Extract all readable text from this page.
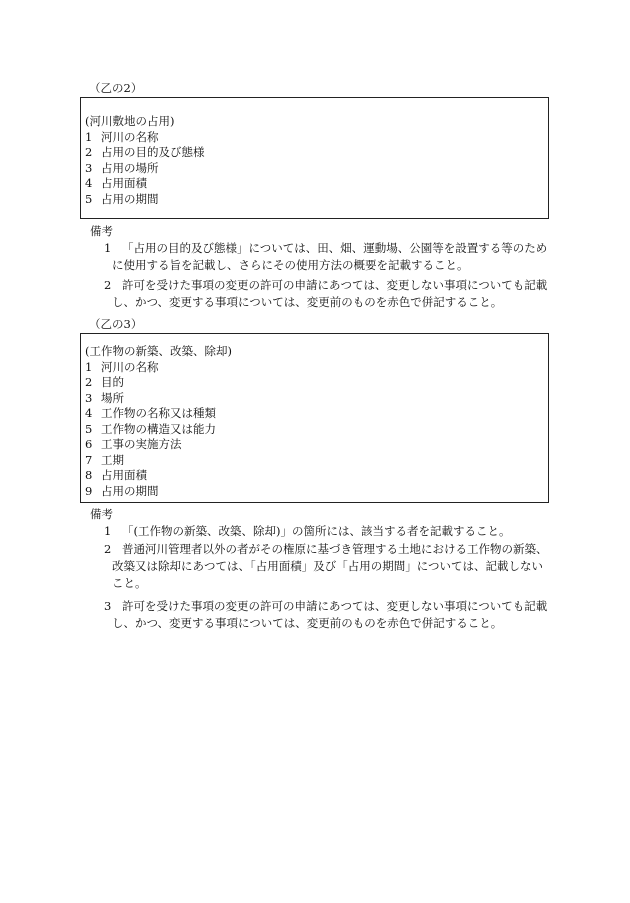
（乙の2）
(河川敷地の占用)
1 河川の名称
2 占用の目的及び態様
3 占用の場所
4 占用面積
5 占用の期間
備考
1 「占用の目的及び態様」については、田、畑、運動場、公園等を設置する等のため
に使用する旨を記載し、さらにその使用方法の概要を記載すること。
2 許可を受けた事項の変更の許可の申請にあつては、変更しない事項についても記載
し、かつ、変更する事項については、変更前のものを赤色で併記すること。
（乙の3）
(工作物の新築、改築、除却)
1 河川の名称
2 目的
3 場所
4 工作物の名称又は種類
5 工作物の構造又は能力
6 工事の実施方法
7 工期
8 占用面積
9 占用の期間
備考
1 「(工作物の新築、改築、除却)」の箇所には、該当する者を記載すること。
2 普通河川管理者以外の者がその権原に基づき管理する土地における工作物の新築、
改築又は除却にあつては、「占用面積」及び「占用の期間」については、記載しない
こと。
3 許可を受けた事項の変更の許可の申請にあつては、変更しない事項についても記載
し、かつ、変更する事項については、変更前のものを赤色で併記すること。
